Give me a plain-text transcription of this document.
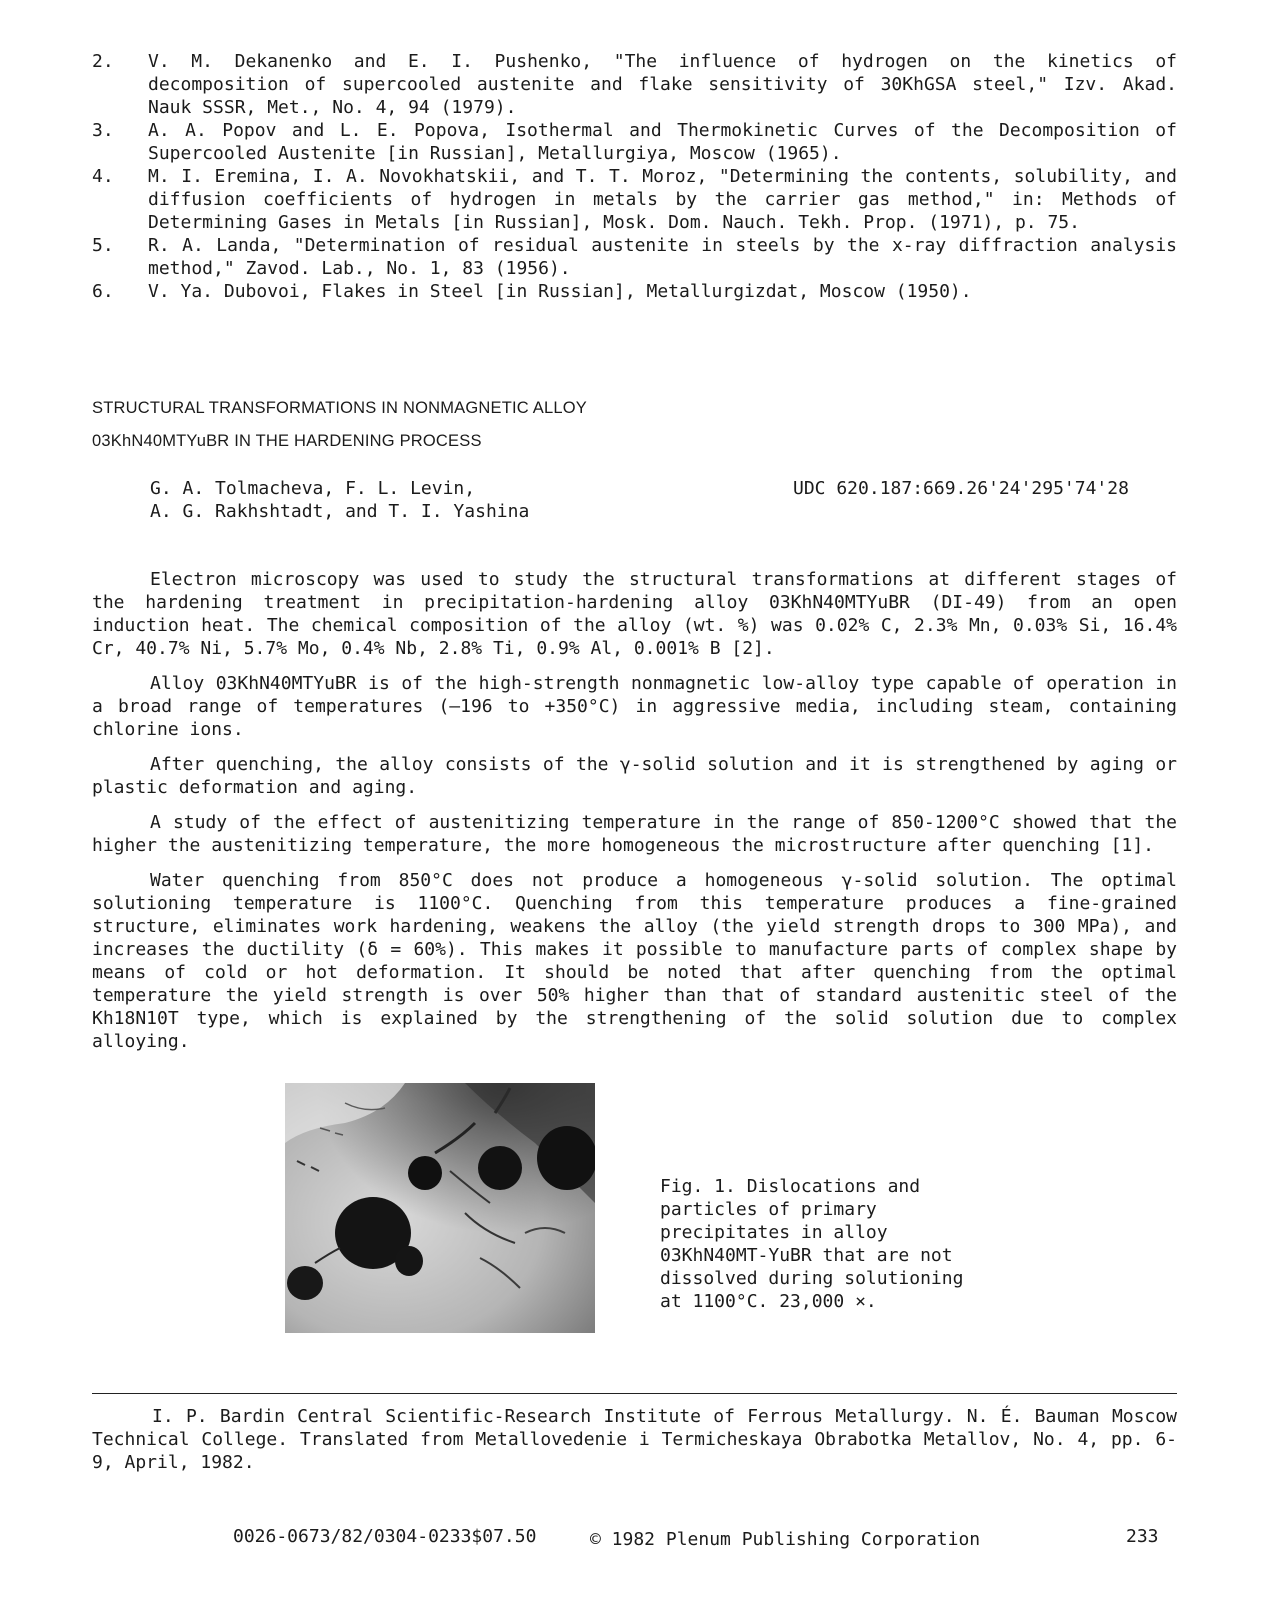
2.	V. M. Dekanenko and E. I. Pushenko, "The influence of hydrogen on the kinetics of decomposition of supercooled austenite and flake sensitivity of 30KhGSA steel," Izv. Akad. Nauk SSSR, Met., No. 4, 94 (1979).
3.	A. A. Popov and L. E. Popova, Isothermal and Thermokinetic Curves of the Decomposition of Supercooled Austenite [in Russian], Metallurgiya, Moscow (1965).
4.	M. I. Eremina, I. A. Novokhatskii, and T. T. Moroz, "Determining the contents, solubility, and diffusion coefficients of hydrogen in metals by the carrier gas method," in: Methods of Determining Gases in Metals [in Russian], Mosk. Dom. Nauch. Tekh. Prop. (1971), p. 75.
5.	R. A. Landa, "Determination of residual austenite in steels by the x-ray diffraction analysis method," Zavod. Lab., No. 1, 83 (1956).
6.	V. Ya. Dubovoi, Flakes in Steel [in Russian], Metallurgizdat, Moscow (1950).
STRUCTURAL TRANSFORMATIONS IN NONMAGNETIC ALLOY
03KhN40MTYuBR IN THE HARDENING PROCESS
G. A. Tolmacheva, F. L. Levin,
A. G. Rakhshtadt, and T. I. Yashina
UDC 620.187:669.26'24'295'74'28

Electron microscopy was used to study the structural transformations at different stages of the hardening treatment in precipitation-hardening alloy 03KhN40MTYuBR (DI-49) from an open induction heat. The chemical composition of the alloy (wt. %) was 0.02% C, 2.3% Mn, 0.03% Si, 16.4% Cr, 40.7% Ni, 5.7% Mo, 0.4% Nb, 2.8% Ti, 0.9% Al, 0.001% B [2].

Alloy 03KhN40MTYuBR is of the high-strength nonmagnetic low-alloy type capable of operation in a broad range of temperatures (—196 to +350°C) in aggressive media, including steam, containing chlorine ions.

After quenching, the alloy consists of the γ-solid solution and it is strengthened by aging or plastic deformation and aging.

A study of the effect of austenitizing temperature in the range of 850-1200°C showed that the higher the austenitizing temperature, the more homogeneous the microstructure after quenching [1].

Water quenching from 850°C does not produce a homogeneous γ-solid solution. The optimal solutioning temperature is 1100°C. Quenching from this temperature produces a fine-grained structure, eliminates work hardening, weakens the alloy (the yield strength drops to 300 MPa), and increases the ductility (δ = 60%). This makes it possible to manufacture parts of complex shape by means of cold or hot deformation. It should be noted that after quenching from the optimal temperature the yield strength is over 50% higher than that of standard austenitic steel of the Kh18N10T type, which is explained by the strengthening of the solid solution due to complex alloying.

Fig. 1. Dislocations and particles of primary precipitates in alloy 03KhN40MT-YuBR that are not dissolved during solutioning at 1100°C. 23,000 ×.
I. P. Bardin Central Scientific-Research Institute of Ferrous Metallurgy. N. É. Bauman Moscow Technical College. Translated from Metallovedenie i Termicheskaya Obrabotka Metallov, No. 4, pp. 6-9, April, 1982.
0026-0673/82/0304-0233$07.50	© 1982 Plenum Publishing Corporation	233
